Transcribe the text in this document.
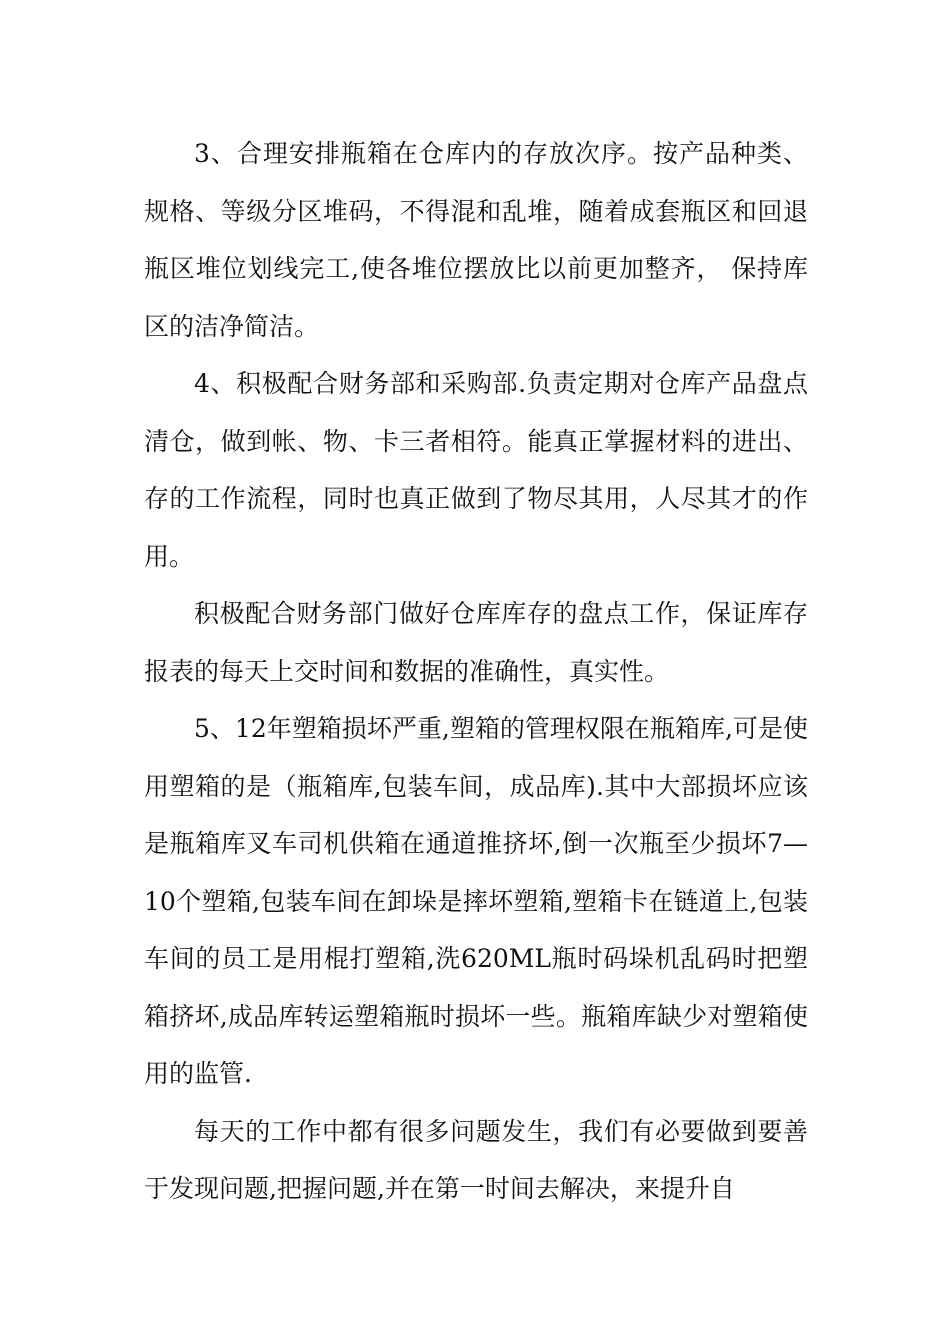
3、合理安排瓶箱在仓库内的存放次序。按产品种类、规格、等级分区堆码，不得混和乱堆，随着成套瓶区和回退瓶区堆位划线完工,使各堆位摆放比以前更加整齐， 保持库区的洁净简洁。

4、积极配合财务部和采购部.负责定期对仓库产品盘点清仓，做到帐、物、卡三者相符。能真正掌握材料的进出、存的工作流程，同时也真正做到了物尽其用，人尽其才的作用。

积极配合财务部门做好仓库库存的盘点工作，保证库存报表的每天上交时间和数据的准确性，真实性。

5、12年塑箱损坏严重,塑箱的管理权限在瓶箱库,可是使用塑箱的是（瓶箱库,包装车间，成品库).其中大部损坏应该是瓶箱库叉车司机供箱在通道推挤坏,倒一次瓶至少损坏7—10个塑箱,包装车间在卸垛是摔坏塑箱,塑箱卡在链道上,包装车间的员工是用棍打塑箱,洗620ML瓶时码垛机乱码时把塑箱挤坏,成品库转运塑箱瓶时损坏一些。瓶箱库缺少对塑箱使用的监管.

每天的工作中都有很多问题发生，我们有必要做到要善于发现问题,把握问题,并在第一时间去解决，来提升自
